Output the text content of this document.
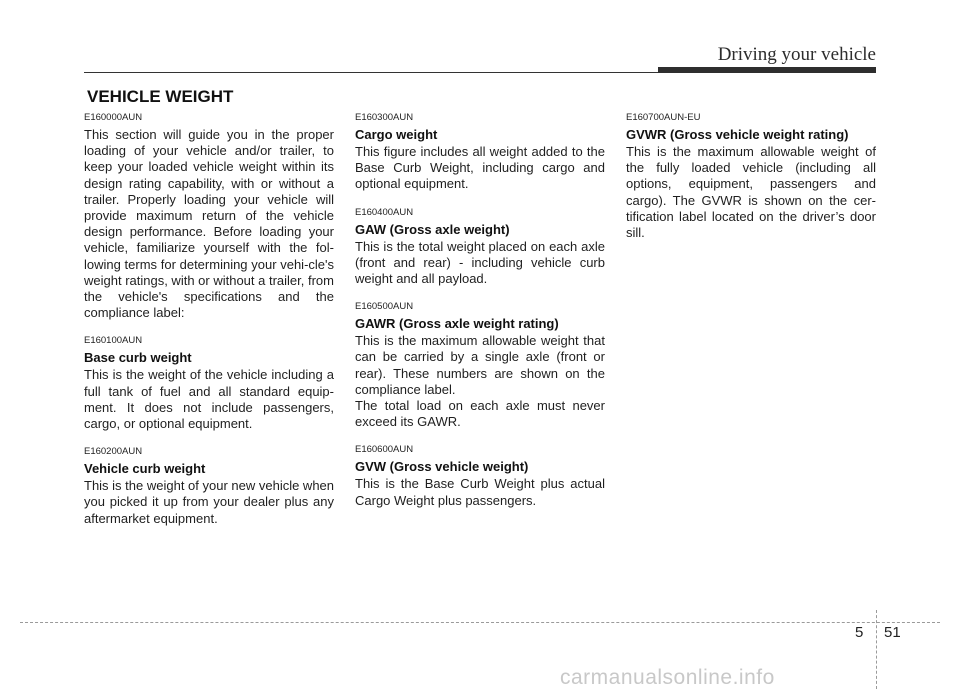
Driving your vehicle
VEHICLE WEIGHT
E160000AUN
This section will guide you in the proper loading of your vehicle and/or trailer, to keep your loaded vehicle weight within its design rating capability, with or without a trailer. Properly loading your vehicle will provide maximum return of the vehicle design performance. Before loading your vehicle, familiarize yourself with the fol-lowing terms for determining your vehi-cle's weight ratings, with or without a trailer, from the vehicle's specifications and the compliance label:
E160100AUN
Base curb weight
This is the weight of the vehicle including a full tank of fuel and all standard equip-ment. It does not include passengers, cargo, or optional equipment.
E160200AUN
Vehicle curb weight
This is the weight of your new vehicle when you picked it up from your dealer plus any aftermarket equipment.
E160300AUN
Cargo weight
This figure includes all weight added to the Base Curb Weight, including cargo and optional equipment.
E160400AUN
GAW (Gross axle weight)
This is the total weight placed on each axle (front and rear) - including vehicle curb weight and all payload.
E160500AUN
GAWR (Gross axle weight rating)
This is the maximum allowable weight that can be carried by a single axle (front or rear). These numbers are shown on the compliance label.
The total load on each axle must never exceed its GAWR.
E160600AUN
GVW (Gross vehicle weight)
This is the Base Curb Weight plus actual Cargo Weight plus passengers.
E160700AUN-EU
GVWR (Gross vehicle weight rating)
This is the maximum allowable weight of the fully loaded vehicle (including all options, equipment, passengers and cargo). The GVWR is shown on the cer-tification label located on the driver’s door sill.
5 51
carmanualsonline.info
